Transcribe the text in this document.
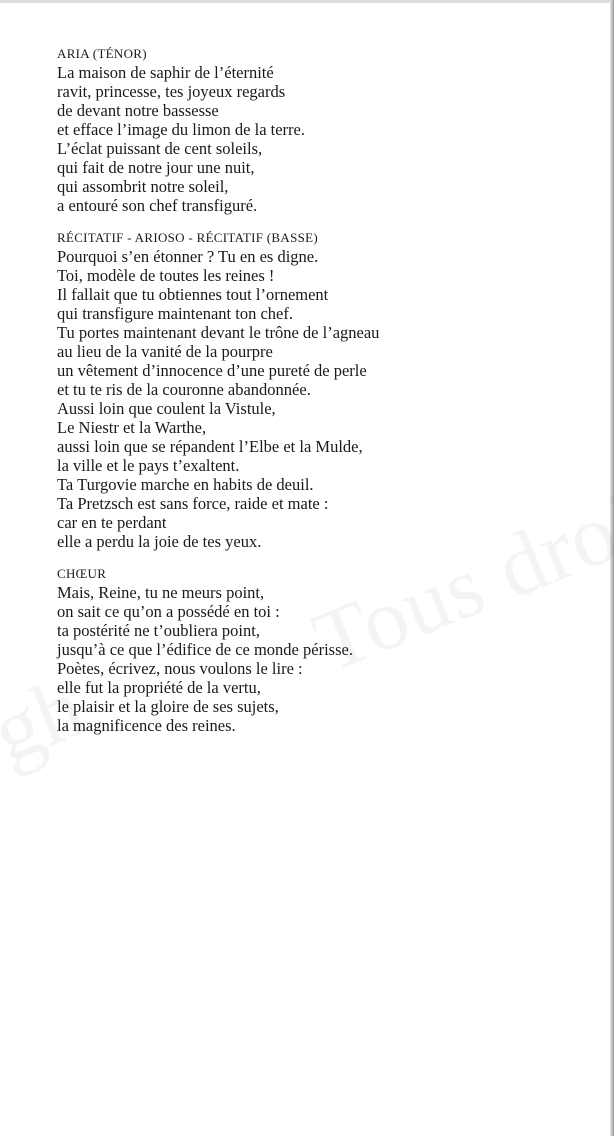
ARIA (TÉNOR)

La maison de saphir de l’éternité

ravit, princesse, tes joyeux regards

de devant notre bassesse

et efface l’image du limon de la terre.

L’éclat puissant de cent soleils,

qui fait de notre jour une nuit,

qui assombrit notre soleil,

a entouré son chef transfiguré.

RÉCITATIF - ARIOSO - RÉCITATIF (BASSE)

Pourquoi s’en étonner ? Tu en es digne.

Toi, modèle de toutes les reines !

Il fallait que tu obtiennes tout l’ornement

qui transfigure maintenant ton chef.

Tu portes maintenant devant le trône de l’agneau

au lieu de la vanité de la pourpre

un vêtement d’innocence d’une pureté de perle

et tu te ris de la couronne abandonnée.

Aussi loin que coulent la Vistule,

Le Niestr et la Warthe,

aussi loin que se répandent l’Elbe et la Mulde,

la ville et le pays t’exaltent.

Ta Turgovie marche en habits de deuil.

Ta Pretzsch est sans force, raide et mate :

car en te perdant

elle a perdu la joie de tes yeux.

CHŒUR

Mais, Reine, tu ne meurs point,

on sait ce qu’on a possédé en toi :

ta postérité ne t’oubliera point,

jusqu’à ce que l’édifice de ce monde périsse.

Poètes, écrivez, nous voulons le lire :

elle fut la propriété de la vertu,

le plaisir et la gloire de ses sujets,

la magnificence des reines.
